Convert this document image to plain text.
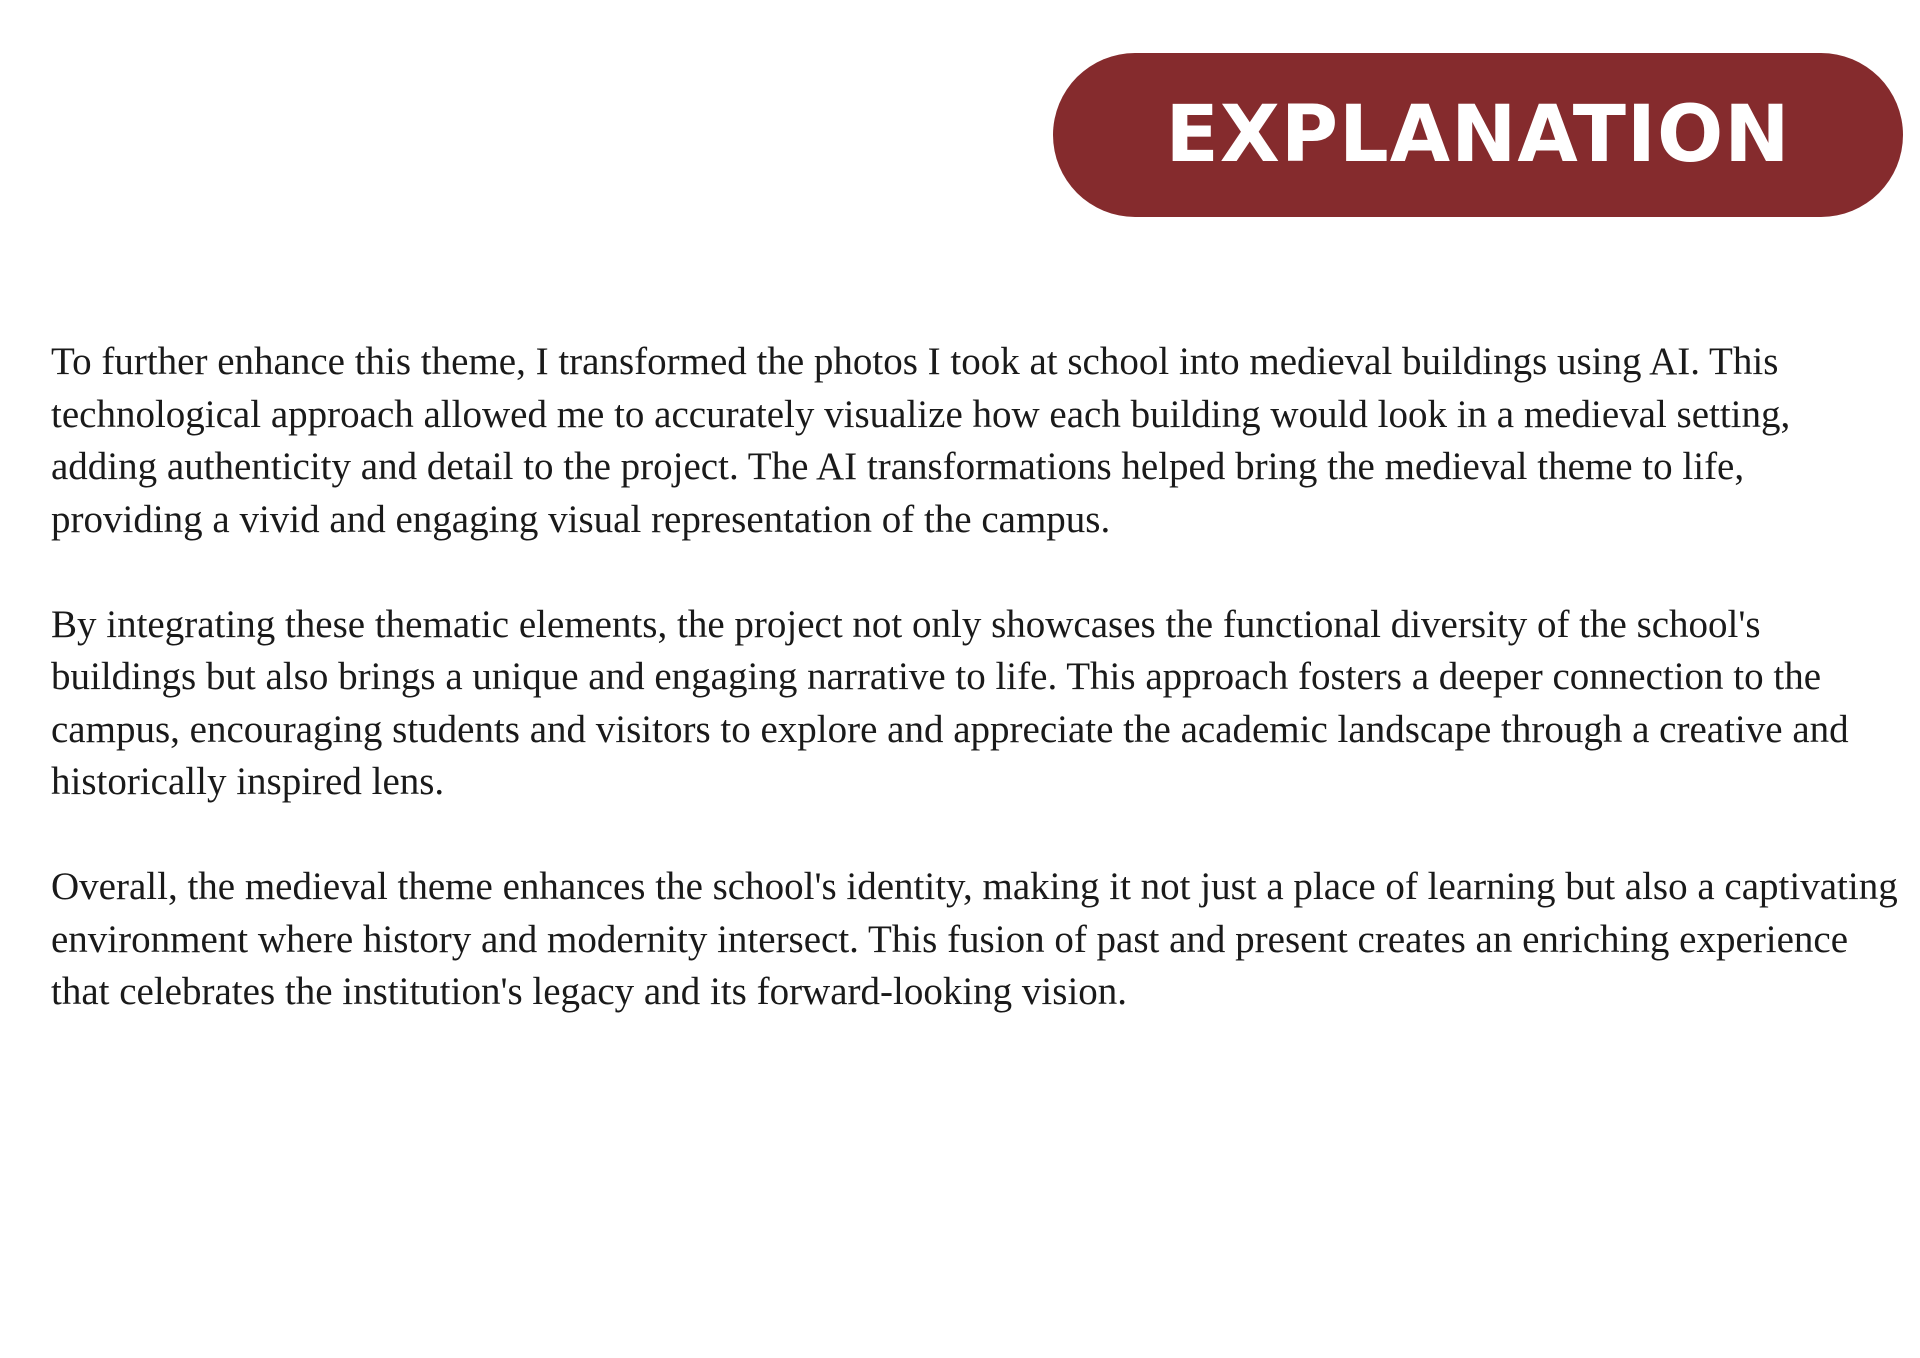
EXPLANATION

To further enhance this theme, I transformed the photos I took at school into medieval buildings using AI. This technological approach allowed me to accurately visualize how each building would look in a medieval setting, adding authenticity and detail to the project. The AI transformations helped bring the medieval theme to life, providing a vivid and engaging visual representation of the campus.

By integrating these thematic elements, the project not only showcases the functional diversity of the school's buildings but also brings a unique and engaging narrative to life. This approach fosters a deeper connection to the campus, encouraging students and visitors to explore and appreciate the academic landscape through a creative and historically inspired lens.

Overall, the medieval theme enhances the school's identity, making it not just a place of learning but also a captivating environment where history and modernity intersect. This fusion of past and present creates an enriching experience that celebrates the institution's legacy and its forward-looking vision.
